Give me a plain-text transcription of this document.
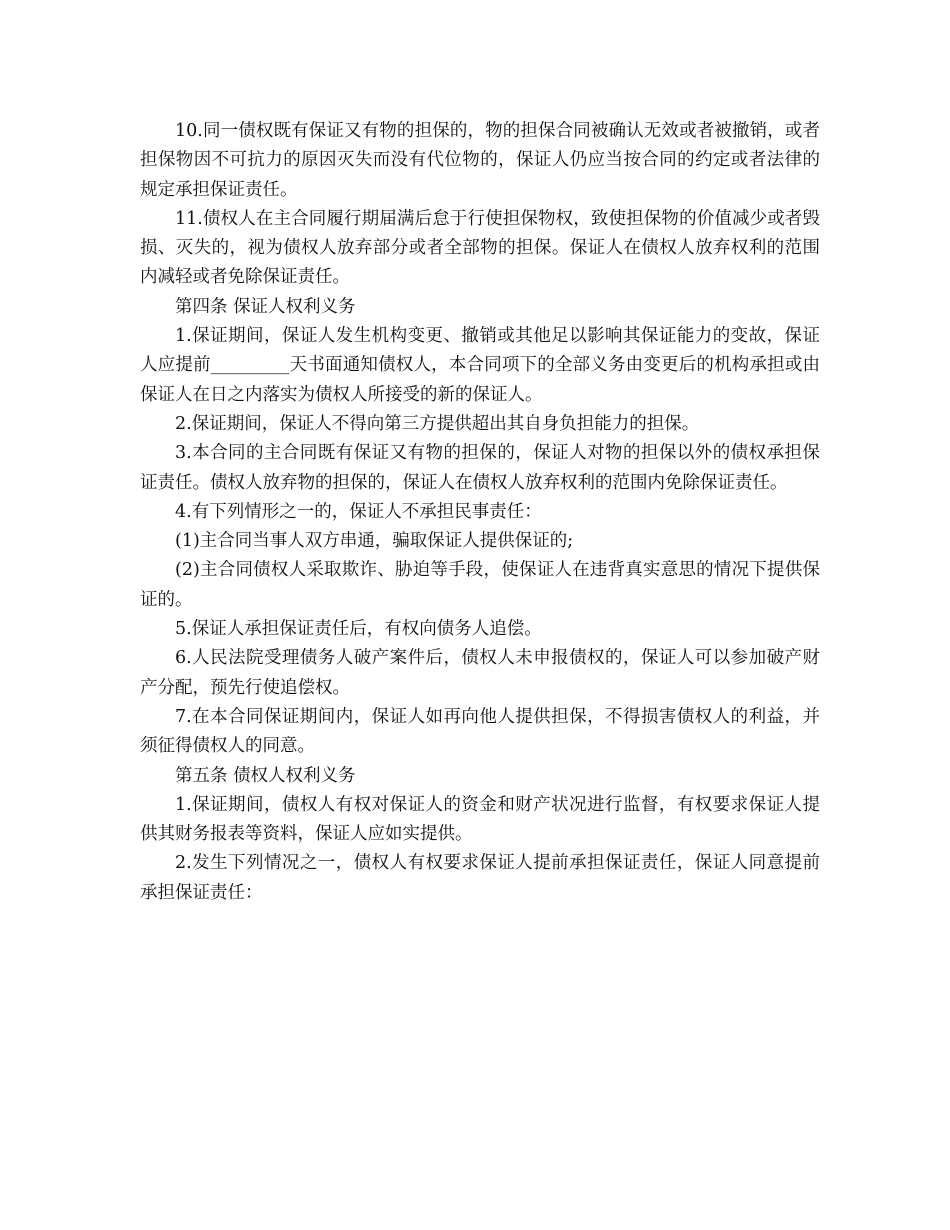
10.同一债权既有保证又有物的担保的，物的担保合同被确认无效或者被撤销，或者担保物因不可抗力的原因灭失而没有代位物的，保证人仍应当按合同的约定或者法律的规定承担保证责任。

11.债权人在主合同履行期届满后怠于行使担保物权，致使担保物的价值减少或者毁损、灭失的，视为债权人放弃部分或者全部物的担保。保证人在债权人放弃权利的范围内减轻或者免除保证责任。

第四条 保证人权利义务

1.保证期间，保证人发生机构变更、撤销或其他足以影响其保证能力的变故，保证人应提前_________天书面通知债权人，本合同项下的全部义务由变更后的机构承担或由保证人在日之内落实为债权人所接受的新的保证人。

2.保证期间，保证人不得向第三方提供超出其自身负担能力的担保。

3.本合同的主合同既有保证又有物的担保的，保证人对物的担保以外的债权承担保证责任。债权人放弃物的担保的，保证人在债权人放弃权利的范围内免除保证责任。

4.有下列情形之一的，保证人不承担民事责任：

(1)主合同当事人双方串通，骗取保证人提供保证的;

(2)主合同债权人采取欺诈、胁迫等手段，使保证人在违背真实意思的情况下提供保证的。

5.保证人承担保证责任后，有权向债务人追偿。

6.人民法院受理债务人破产案件后，债权人未申报债权的，保证人可以参加破产财产分配，预先行使追偿权。

7.在本合同保证期间内，保证人如再向他人提供担保，不得损害债权人的利益，并须征得债权人的同意。

第五条 债权人权利义务

1.保证期间，债权人有权对保证人的资金和财产状况进行监督，有权要求保证人提供其财务报表等资料，保证人应如实提供。

2.发生下列情况之一，债权人有权要求保证人提前承担保证责任，保证人同意提前承担保证责任：
